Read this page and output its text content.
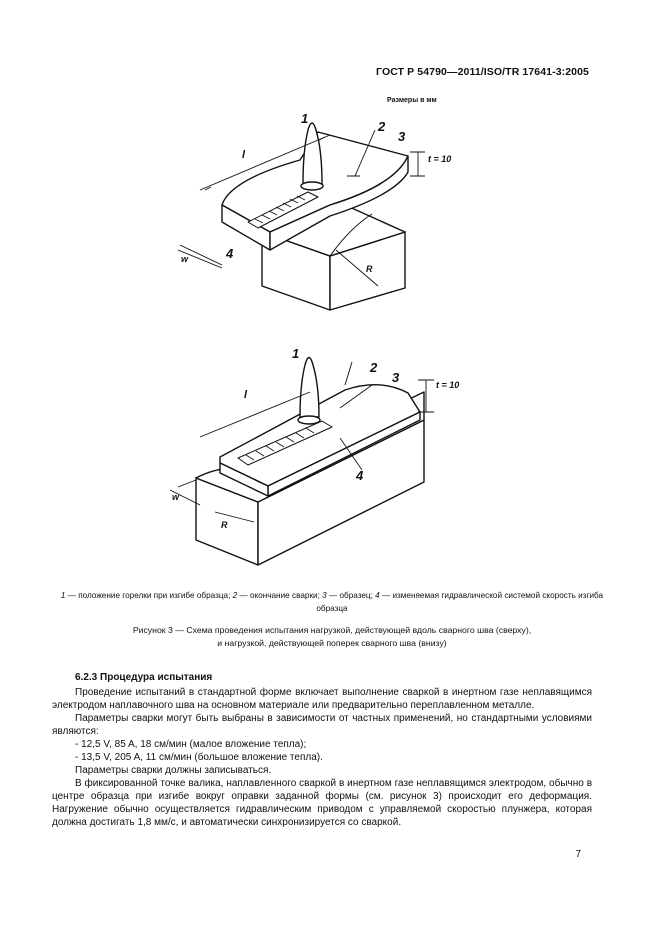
ГОСТ Р 54790—2011/ISO/TR 17641-3:2005
Размеры в мм
1
2
3
4
l	t = 10
w
R
1
2
3
4
l
t = 10
w
R
1 — положение горелки при изгибе образца; 2 — окончание сварки; 3 — образец; 4 — изменяемая гидравлической системой скорость изгиба образца
Рисунок 3 — Схема проведения испытания нагрузкой, действующей вдоль сварного шва (сверху),
и нагрузкой, действующей поперек сварного шва (внизу)
6.2.3 Процедура испытания

Проведение испытаний в стандартной форме включает выполнение сваркой в инертном газе неплавящимся электродом наплавочного шва на основном материале или предварительно переплавленном металле.

Параметры сварки могут быть выбраны в зависимости от частных применений, но стандартными условиями являются:

- 12,5 V, 85 A, 18 см/мин (малое вложение тепла);

- 13,5 V, 205 A, 11 см/мин (большое вложение тепла).

Параметры сварки должны записываться.

В фиксированной точке валика, наплавленного сваркой в инертном газе неплавящимся электродом, обычно в центре образца при изгибе вокруг оправки заданной формы (см. рисунок 3) происходит его деформация. Нагружение обычно осуществляется гидравлическим приводом с управляемой скоростью плунжера, которая должна достигать 1,8 мм/с, и автоматически синхронизируется со сваркой.

7
